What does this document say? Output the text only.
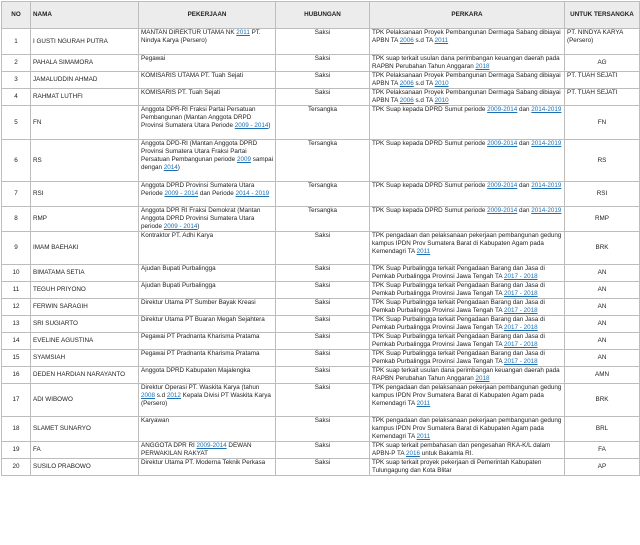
NO	NAMA	PEKERJAAN	HUBUNGAN	PERKARA	UNTUK TERSANGKA
1	I GUSTI NGURAH PUTRA	MANTAN DIREKTUR UTAMA NK 2011 PT. Nindya Karya (Persero)	Saksi	TPK Pelaksanaan Proyek Pembangunan Dermaga Sabang dibiayai APBN TA 2006 s.d TA 2011	PT. NINDYA KARYA (Persero)
2	PAHALA SIMAMORA	Pegawai	Saksi	TPK suap terkait usulan dana perimbangan keuangan daerah pada RAPBN Perubahan Tahun Anggaran 2018	AG
3	JAMALUDDIN AHMAD	KOMISARIS UTAMA PT. Tuah Sejati	Saksi	TPK Pelaksanaan Proyek Pembangunan Dermaga Sabang dibiayai APBN TA 2006 s.d TA 2010	PT. TUAH SEJATI
4	RAHMAT LUTHFI	KOMISARIS PT. Tuah Sejati	Saksi	TPK Pelaksanaan Proyek Pembangunan Dermaga Sabang dibiayai APBN TA 2006 s.d TA 2010	PT. TUAH SEJATI
5	FN	Anggota DPR-RI Fraksi Partai Persatuan Pembangunan (Mantan Anggota DRPD Provinsi Sumatera Utara Periode 2009 - 2014)	Tersangka	TPK Suap kepada DPRD Sumut periode 2009-2014 dan 2014-2019	FN
6	RS	Anggota DPD-RI (Mantan Anggota DPRD Provinsi Sumatera Utara Fraksi Partai Persatuan Pembangunan periode 2009 sampai dengan 2014)	Tersangka	TPK Suap kepada DPRD Sumut periode 2009-2014 dan 2014-2019	RS
7	RSI	Anggota DPRD Provinsi Sumatera Utara Periode 2009 - 2014 dan Periode 2014 - 2019	Tersangka	TPK Suap kepada DPRD Sumut periode 2009-2014 dan 2014-2019	RSI
8	RMP	Anggota DPR RI Fraksi Demokrat (Mantan Anggota DPRD Provinsi Sumatera Utara periode 2009 - 2014)	Tersangka	TPK Suap kepada DPRD Sumut periode 2009-2014 dan 2014-2019	RMP
9	IMAM BAEHAKI	Kontraktor PT. Adhi Karya	Saksi	TPK pengadaan dan pelaksanaan pekerjaan pembangunan gedung kampus IPDN Prov Sumatera Barat di Kabupaten Agam pada Kemendagri TA 2011	BRK
10	BIMATAMA SETIA	Ajudan Bupati Purbalingga	Saksi	TPK Suap Purbalingga terkait Pengadaan Barang dan Jasa di Pemkab Purbalingga Provinsi Jawa Tengah TA 2017 - 2018	AN
11	TEGUH PRIYONO	Ajudan Bupati Purbalingga	Saksi	TPK Suap Purbalingga terkait Pengadaan Barang dan Jasa di Pemkab Purbalingga Provinsi Jawa Tengah TA 2017 - 2018	AN
12	FERWIN SARAGIH	Direktur Utama PT Sumber Bayak Kreasi	Saksi	TPK Suap Purbalingga terkait Pengadaan Barang dan Jasa di Pemkab Purbalingga Provinsi Jawa Tengah TA 2017 - 2018	AN
13	SRI SUGIARTO	Direktur Utama PT Buaran Megah Sejahtera	Saksi	TPK Suap Purbalingga terkait Pengadaan Barang dan Jasa di Pemkab Purbalingga Provinsi Jawa Tengah TA 2017 - 2018	AN
14	EVELINE AGUSTINA	Pegawai PT Pradnanta Kharisma Pratama	Saksi	TPK Suap Purbalingga terkait Pengadaan Barang dan Jasa di Pemkab Purbalingga Provinsi Jawa Tengah TA 2017 - 2018	AN
15	SYAMSIAH	Pegawai PT Pradnanta Kharisma Pratama	Saksi	TPK Suap Purbalingga terkait Pengadaan Barang dan Jasa di Pemkab Purbalingga Provinsi Jawa Tengah TA 2017 - 2018	AN
16	DEDEN HARDIAN NARAYANTO	Anggota DPRD Kabupaten Majalengka	Saksi	TPK suap terkait usulan dana perimbangan keuangan daerah pada RAPBN Perubahan Tahun Anggaran 2018	AMN
17	ADI WIBOWO	Direktur Operasi PT. Waskita Karya (tahun 2008 s.d 2012 Kepala Divisi PT Waskita Karya (Persero)	Saksi	TPK pengadaan dan pelaksanaan pekerjaan pembangunan gedung kampus IPDN Prov Sumatera Barat di Kabupaten Agam pada Kemendagri TA 2011	BRK
18	SLAMET SUNARYO	Karyawan	Saksi	TPK pengadaan dan pelaksanaan pekerjaan pembangunan gedung kampus IPDN Prov Sumatera Barat di Kabupaten Agam pada Kemendagri TA 2011	BRL
19	FA	ANGGOTA DPR RI 2009-2014 DEWAN PERWAKILAN RAKYAT	Saksi	TPK suap terkait pembahasan dan pengesahan RKA-K/L dalam APBN-P TA 2016 untuk Bakamla RI.	FA
20	SUSILO PRABOWO	Direktur Utama PT. Moderna Teknik Perkasa	Saksi	TPK suap terkait proyek pekerjaan di Pemerintah Kabupaten Tulungagung dan Kota Blitar	AP
